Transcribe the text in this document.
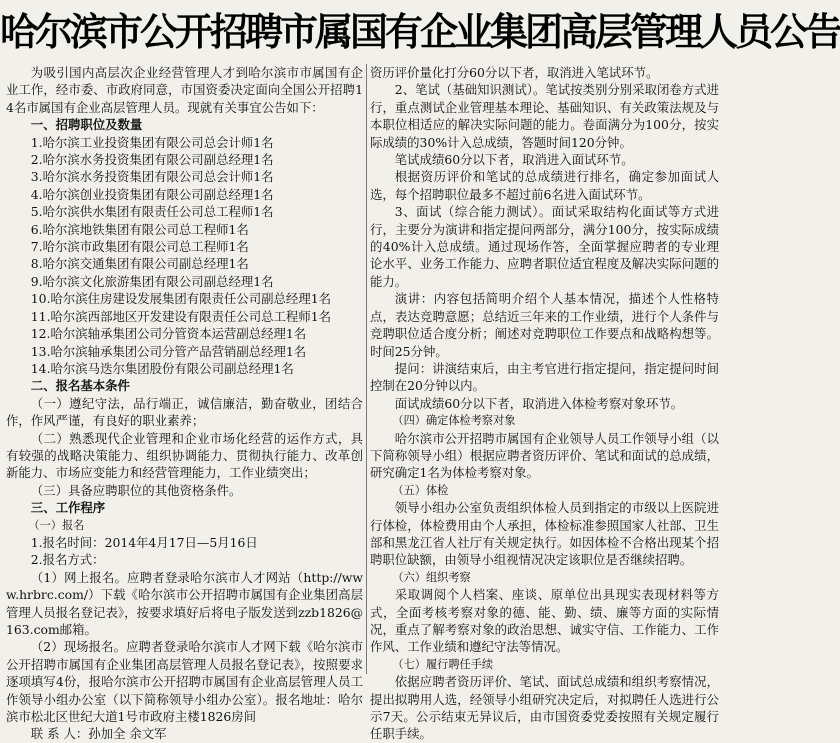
哈尔滨市公开招聘市属国有企业集团高层管理人员公告

为吸引国内高层次企业经营管理人才到哈尔滨市市属国有企业工作，经市委、市政府同意，市国资委决定面向全国公开招聘14名市属国有企业高层管理人员。现就有关事宜公告如下：

一、招聘职位及数量

1.哈尔滨工业投资集团有限公司总会计师1名

2.哈尔滨水务投资集团有限公司副总经理1名

3.哈尔滨水务投资集团有限公司总会计师1名

4.哈尔滨创业投资集团有限公司副总经理1名

5.哈尔滨供水集团有限责任公司总工程师1名

6.哈尔滨地铁集团有限公司总工程师1名

7.哈尔滨市政集团有限公司总工程师1名

8.哈尔滨交通集团有限公司副总经理1名

9.哈尔滨文化旅游集团有限公司副总经理1名

10.哈尔滨住房建设发展集团有限责任公司副总经理1名

11.哈尔滨西部地区开发建设有限责任公司总工程师1名

12.哈尔滨轴承集团公司分管资本运营副总经理1名

13.哈尔滨轴承集团公司分管产品营销副总经理1名

14.哈尔滨马迭尔集团股份有限公司副总经理1名

二、报名基本条件

（一）遵纪守法，品行端正，诚信廉洁，勤奋敬业，团结合作，作风严谨，有良好的职业素养；

（二）熟悉现代企业管理和企业市场化经营的运作方式，具有较强的战略决策能力、组织协调能力、贯彻执行能力、改革创新能力、市场应变能力和经营管理能力，工作业绩突出；

（三）具备应聘职位的其他资格条件。

三、工作程序

（一）报名

1.报名时间：2014年4月17日—5月16日

2.报名方式：

（1）网上报名。应聘者登录哈尔滨市人才网站（http://www.hrbrc.com/）下载《哈尔滨市公开招聘市属国有企业集团高层管理人员报名登记表》，按要求填好后将电子版发送到zzb1826@163.com邮箱。

（2）现场报名。应聘者登录哈尔滨市人才网下载《哈尔滨市公开招聘市属国有企业集团高层管理人员报名登记表》，按照要求逐项填写4份，报哈尔滨市公开招聘市属国有企业高层管理人员工作领导小组办公室（以下简称领导小组办公室）。报名地址：哈尔滨市松北区世纪大道1号市政府主楼1826房间

联 系 人：孙加全 余文军

资历评价量化打分60分以下者，取消进入笔试环节。

2、笔试（基础知识测试）。笔试按类别分别采取闭卷方式进行，重点测试企业管理基本理论、基础知识、有关政策法规及与本职位相适应的解决实际问题的能力。卷面满分为100分，按实际成绩的30%计入总成绩，答题时间120分钟。

笔试成绩60分以下者，取消进入面试环节。

根据资历评价和笔试的总成绩进行排名，确定参加面试人选，每个招聘职位最多不超过前6名进入面试环节。

3、面试（综合能力测试）。面试采取结构化面试等方式进行，主要分为演讲和指定提问两部分，满分100分，按实际成绩的40%计入总成绩。通过现场作答，全面掌握应聘者的专业理论水平、业务工作能力、应聘者职位适宜程度及解决实际问题的能力。

演讲：内容包括简明介绍个人基本情况，描述个人性格特点，表达竞聘意愿；总结近三年来的工作业绩，进行个人条件与竞聘职位适合度分析；阐述对竞聘职位工作要点和战略构想等。时间25分钟。

提问：讲演结束后，由主考官进行指定提问，指定提问时间控制在20分钟以内。

面试成绩60分以下者，取消进入体检考察对象环节。

（四）确定体检考察对象

哈尔滨市公开招聘市属国有企业领导人员工作领导小组（以下简称领导小组）根据应聘者资历评价、笔试和面试的总成绩，研究确定1名为体检考察对象。

（五）体检

领导小组办公室负责组织体检人员到指定的市级以上医院进行体检，体检费用由个人承担，体检标准参照国家人社部、卫生部和黑龙江省人社厅有关规定执行。如因体检不合格出现某个招聘职位缺额，由领导小组视情况决定该职位是否继续招聘。

（六）组织考察

采取调阅个人档案、座谈、原单位出具现实表现材料等方式，全面考核考察对象的德、能、勤、绩、廉等方面的实际情况，重点了解考察对象的政治思想、诚实守信、工作能力、工作作风、工作业绩和遵纪守法等情况。

（七）履行聘任手续

依据应聘者资历评价、笔试、面试总成绩和组织考察情况，提出拟聘用人选，经领导小组研究决定后，对拟聘任人选进行公示7天。公示结束无异议后，由市国资委党委按照有关规定履行任职手续。
